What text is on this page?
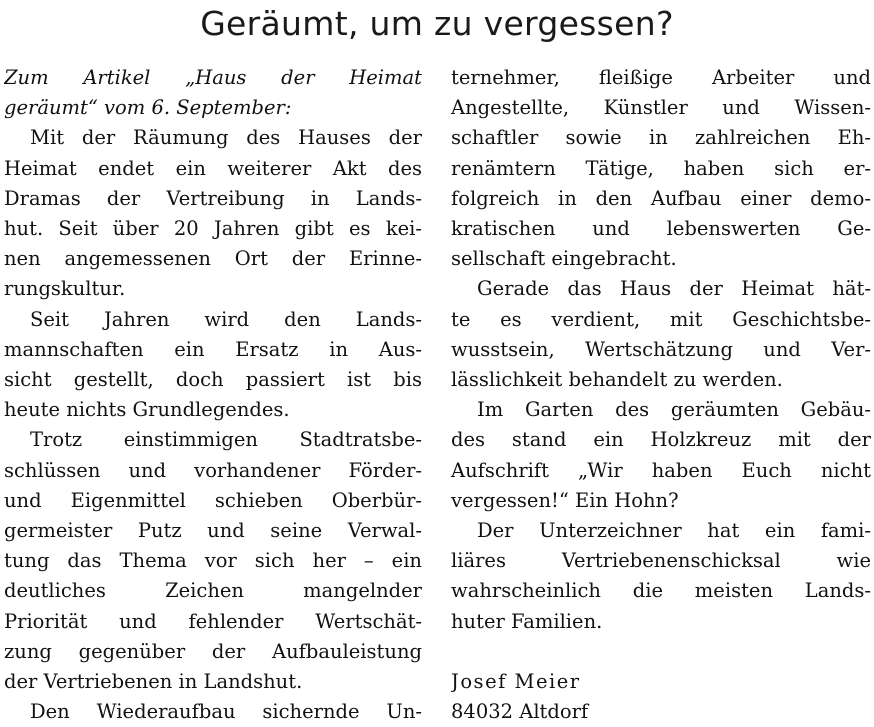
Geräumt, um zu vergessen?
Zum Artikel „Haus der Heimat
geräumt“ vom 6. September:
Mit der Räumung des Hauses der
Heimat endet ein weiterer Akt des
Dramas der Vertreibung in Lands-
hut. Seit über 20 Jahren gibt es kei-
nen angemessenen Ort der Erinne-
rungskultur.
Seit Jahren wird den Lands-
mannschaften ein Ersatz in Aus-
sicht gestellt, doch passiert ist bis
heute nichts Grundlegendes.
Trotz einstimmigen Stadtratsbe-
schlüssen und vorhandener Förder-
und Eigenmittel schieben Oberbür-
germeister Putz und seine Verwal-
tung das Thema vor sich her – ein
deutliches Zeichen mangelnder
Priorität und fehlender Wertschät-
zung gegenüber der Aufbauleistung
der Vertriebenen in Landshut.
Den Wiederaufbau sichernde Un-
ternehmer, fleißige Arbeiter und
Angestellte, Künstler und Wissen-
schaftler sowie in zahlreichen Eh-
renämtern Tätige, haben sich er-
folgreich in den Aufbau einer demo-
kratischen und lebenswerten Ge-
sellschaft eingebracht.
Gerade das Haus der Heimat hät-
te es verdient, mit Geschichtsbe-
wusstsein, Wertschätzung und Ver-
lässlichkeit behandelt zu werden.
Im Garten des geräumten Gebäu-
des stand ein Holzkreuz mit der
Aufschrift „Wir haben Euch nicht
vergessen!“ Ein Hohn?
Der Unterzeichner hat ein fami-
liäres Vertriebenenschicksal wie
wahrscheinlich die meisten Lands-
huter Familien.
Josef Meier
84032 Altdorf
